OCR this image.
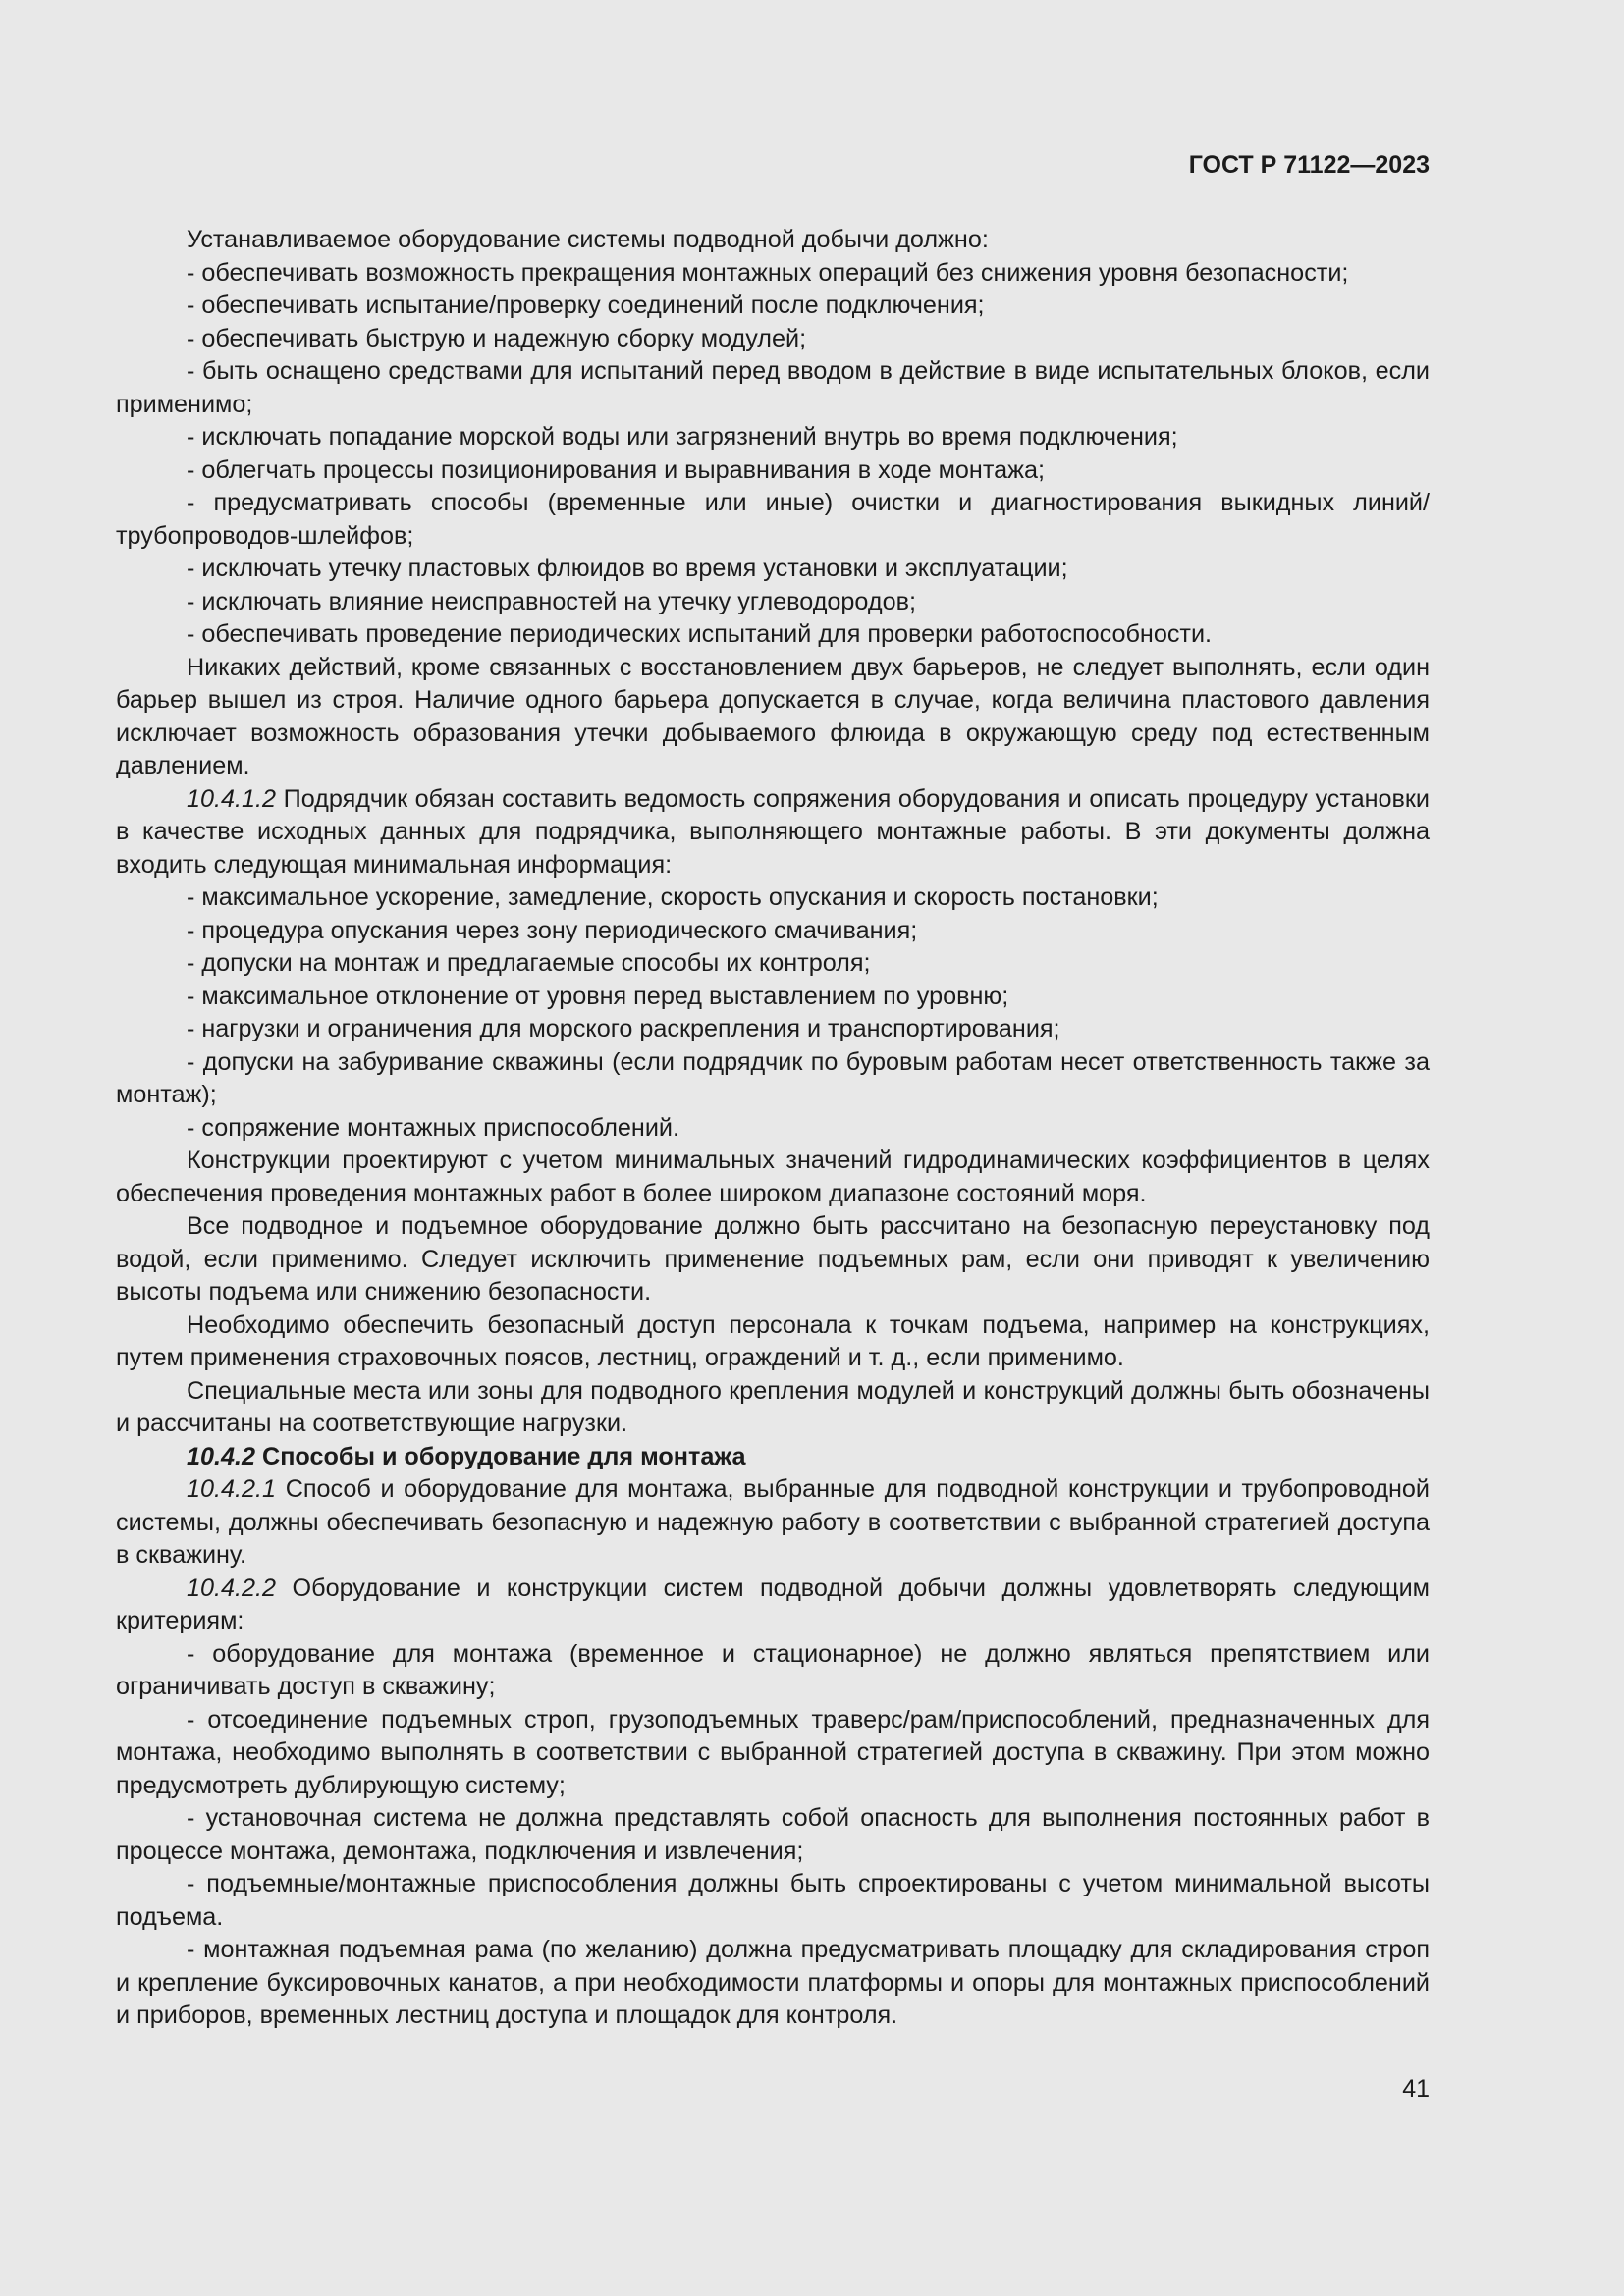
ГОСТ Р 71122—2023

Устанавливаемое оборудование системы подводной добычи должно:

- обеспечивать возможность прекращения монтажных операций без снижения уровня безопасности;

- обеспечивать испытание/проверку соединений после подключения;

- обеспечивать быструю и надежную сборку модулей;

- быть оснащено средствами для испытаний перед вводом в действие в виде испытательных блоков, если применимо;

- исключать попадание морской воды или загрязнений внутрь во время подключения;

- облегчать процессы позиционирования и выравнивания в ходе монтажа;

- предусматривать способы (временные или иные) очистки и диагностирования выкидных линий/ трубопроводов-шлейфов;

- исключать утечку пластовых флюидов во время установки и эксплуатации;

- исключать влияние неисправностей на утечку углеводородов;

- обеспечивать проведение периодических испытаний для проверки работоспособности.

Никаких действий, кроме связанных с восстановлением двух барьеров, не следует выполнять, если один барьер вышел из строя. Наличие одного барьера допускается в случае, когда величина пластового давления исключает возможность образования утечки добываемого флюида в окружающую среду под естественным давлением.

10.4.1.2 Подрядчик обязан составить ведомость сопряжения оборудования и описать процедуру установки в качестве исходных данных для подрядчика, выполняющего монтажные работы. В эти документы должна входить следующая минимальная информация:

- максимальное ускорение, замедление, скорость опускания и скорость постановки;

- процедура опускания через зону периодического смачивания;

- допуски на монтаж и предлагаемые способы их контроля;

- максимальное отклонение от уровня перед выставлением по уровню;

- нагрузки и ограничения для морского раскрепления и транспортирования;

- допуски на забуривание скважины (если подрядчик по буровым работам несет ответственность также за монтаж);

- сопряжение монтажных приспособлений.

Конструкции проектируют с учетом минимальных значений гидродинамических коэффициентов в целях обеспечения проведения монтажных работ в более широком диапазоне состояний моря.

Все подводное и подъемное оборудование должно быть рассчитано на безопасную переустановку под водой, если применимо. Следует исключить применение подъемных рам, если они приводят к увеличению высоты подъема или снижению безопасности.

Необходимо обеспечить безопасный доступ персонала к точкам подъема, например на конструкциях, путем применения страховочных поясов, лестниц, ограждений и т. д., если применимо.

Специальные места или зоны для подводного крепления модулей и конструкций должны быть обозначены и рассчитаны на соответствующие нагрузки.

10.4.2 Способы и оборудование для монтажа

10.4.2.1 Способ и оборудование для монтажа, выбранные для подводной конструкции и трубопроводной системы, должны обеспечивать безопасную и надежную работу в соответствии с выбранной стратегией доступа в скважину.

10.4.2.2 Оборудование и конструкции систем подводной добычи должны удовлетворять следующим критериям:

- оборудование для монтажа (временное и стационарное) не должно являться препятствием или ограничивать доступ в скважину;

- отсоединение подъемных строп, грузоподъемных траверс/рам/приспособлений, предназначенных для монтажа, необходимо выполнять в соответствии с выбранной стратегией доступа в скважину. При этом можно предусмотреть дублирующую систему;

- установочная система не должна представлять собой опасность для выполнения постоянных работ в процессе монтажа, демонтажа, подключения и извлечения;

- подъемные/монтажные приспособления должны быть спроектированы с учетом минимальной высоты подъема.

- монтажная подъемная рама (по желанию) должна предусматривать площадку для складирования строп и крепление буксировочных канатов, а при необходимости платформы и опоры для монтажных приспособлений и приборов, временных лестниц доступа и площадок для контроля.

41
